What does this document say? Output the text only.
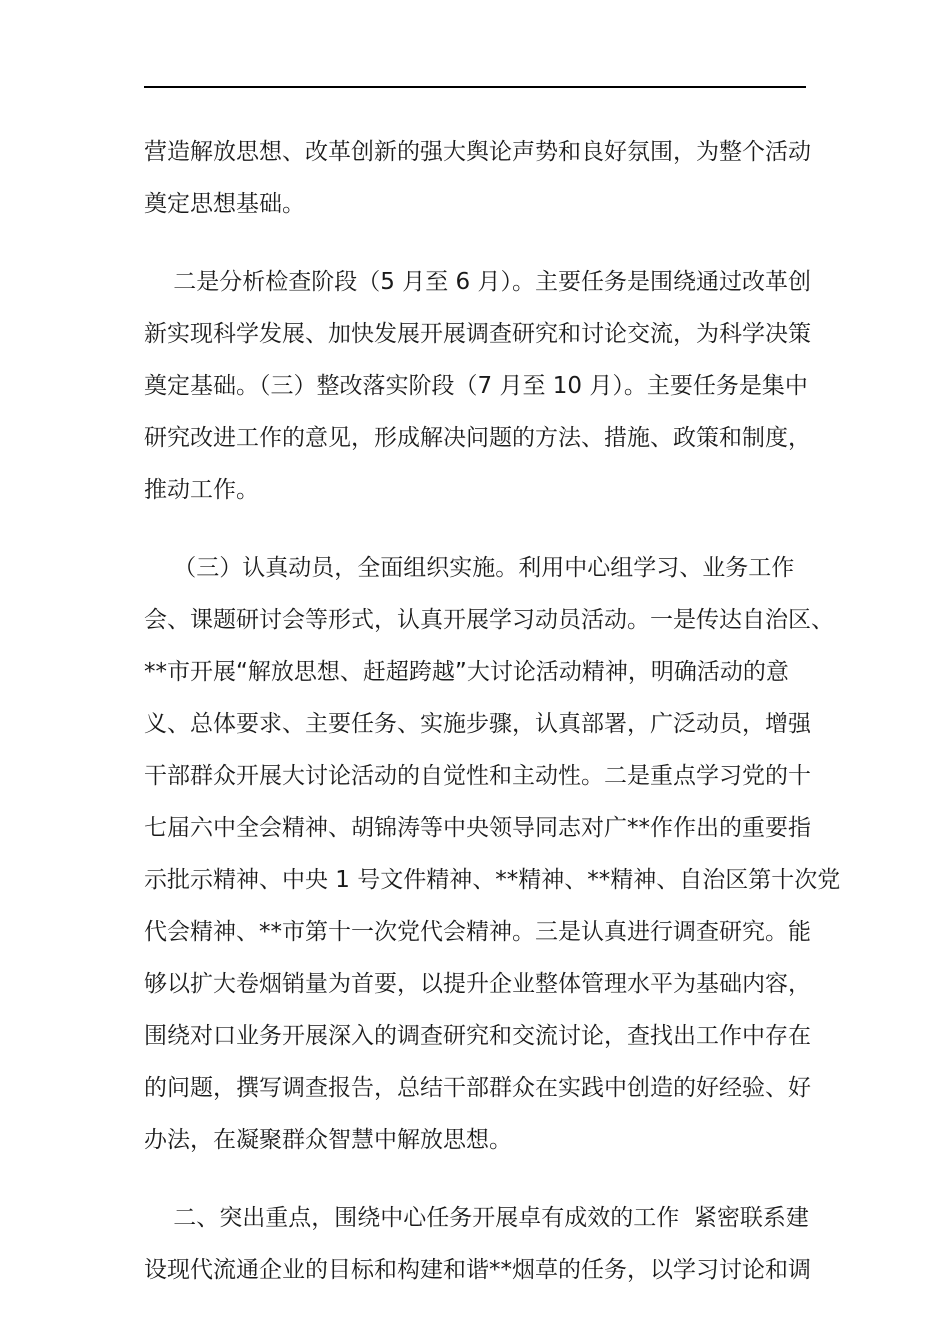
营造解放思想、改革创新的强大舆论声势和良好氛围，为整个活动
奠定思想基础。
二是分析检查阶段（5 月至 6 月）。主要任务是围绕通过改革创
新实现科学发展、加快发展开展调查研究和讨论交流，为科学决策
奠定基础。（三）整改落实阶段（7 月至 10 月）。主要任务是集中
研究改进工作的意见，形成解决问题的方法、措施、政策和制度，
推动工作。
（三）认真动员，全面组织实施。利用中心组学习、业务工作
会、课题研讨会等形式，认真开展学习动员活动。一是传达自治区、
**市开展“解放思想、赶超跨越”大讨论活动精神，明确活动的意
义、总体要求、主要任务、实施步骤，认真部署，广泛动员，增强
干部群众开展大讨论活动的自觉性和主动性。二是重点学习党的十
七届六中全会精神、胡锦涛等中央领导同志对广**作作出的重要指
示批示精神、中央 1 号文件精神、**精神、**精神、自治区第十次党
代会精神、**市第十一次党代会精神。三是认真进行调查研究。能
够以扩大卷烟销量为首要，以提升企业整体管理水平为基础内容，
围绕对口业务开展深入的调查研究和交流讨论，查找出工作中存在
的问题，撰写调查报告，总结干部群众在实践中创造的好经验、好
办法，在凝聚群众智慧中解放思想。
二、突出重点，围绕中心任务开展卓有成效的工作  紧密联系建
设现代流通企业的目标和构建和谐**烟草的任务，以学习讨论和调
